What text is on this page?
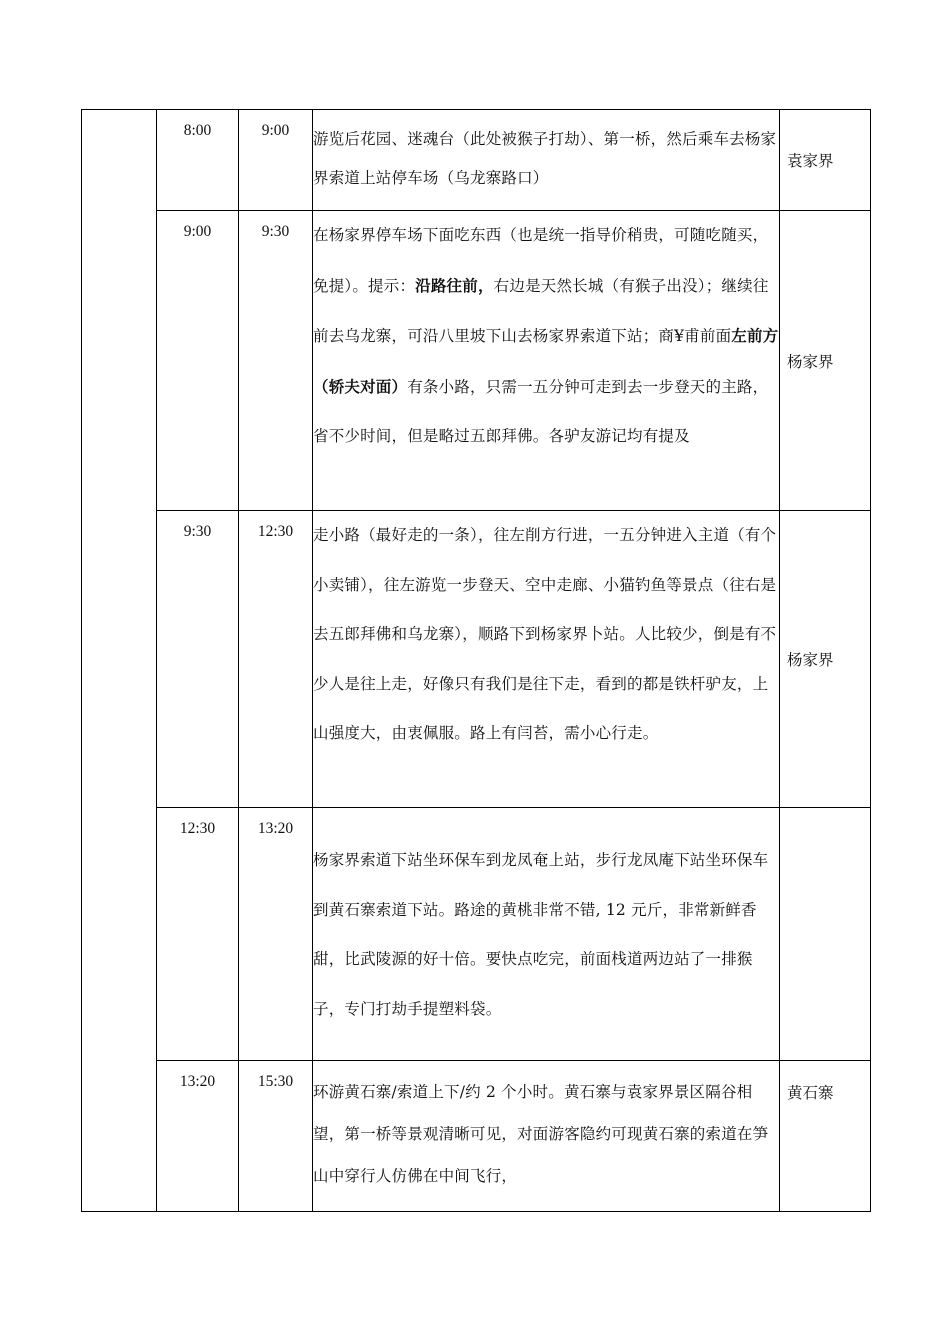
	8:00	9:00	游览后花园、迷魂台（此处被猴子打劫）、第一桥，然后乘车去杨家界索道上站停车场（乌龙寨路口）	袁家界
	9:00	9:30	在杨家界停车场下面吃东西（也是统一指导价稍贵，可随吃随买，免提）。提示：沿路往前，右边是天然长城（有猴子出没）；继续往前去乌龙寨，可沿八里坡下山去杨家界索道下站；商¥甫前面左前方（轿夫对面）有条小路，只需一五分钟可走到去一步登天的主路，省不少时间，但是略过五郎拜佛。各驴友游记均有提及	杨家界
	9:30	12:30	走小路（最好走的一条），往左削方行进，一五分钟进入主道（有个小卖铺），往左游览一步登天、空中走廊、小猫钓鱼等景点（往右是去五郎拜佛和乌龙寨），顺路下到杨家界卜站。人比较少，倒是有不少人是往上走，好像只有我们是往下走，看到的都是铁杆驴友，上山强度大，由衷佩服。路上有闫苔，需小心行走。	杨家界
	12:30	13:20	杨家界索道下站坐环保车到龙凤奄上站，步行龙凤庵下站坐环保车到黄石寨索道下站。路途的黄桃非常不错, 12 元斤，非常新鲜香甜，比武陵源的好十倍。要快点吃完，前面栈道两边站了一排猴子，专门打劫手提塑料袋。	
	13:20	15:30	环游黄石寨/索道上下/约 2 个小时。黄石寨与袁家界景区隔谷相望，第一桥等景观清晰可见，对面游客隐约可现黄石寨的索道在笋山中穿行人仿佛在中间飞行，	黄石寨
